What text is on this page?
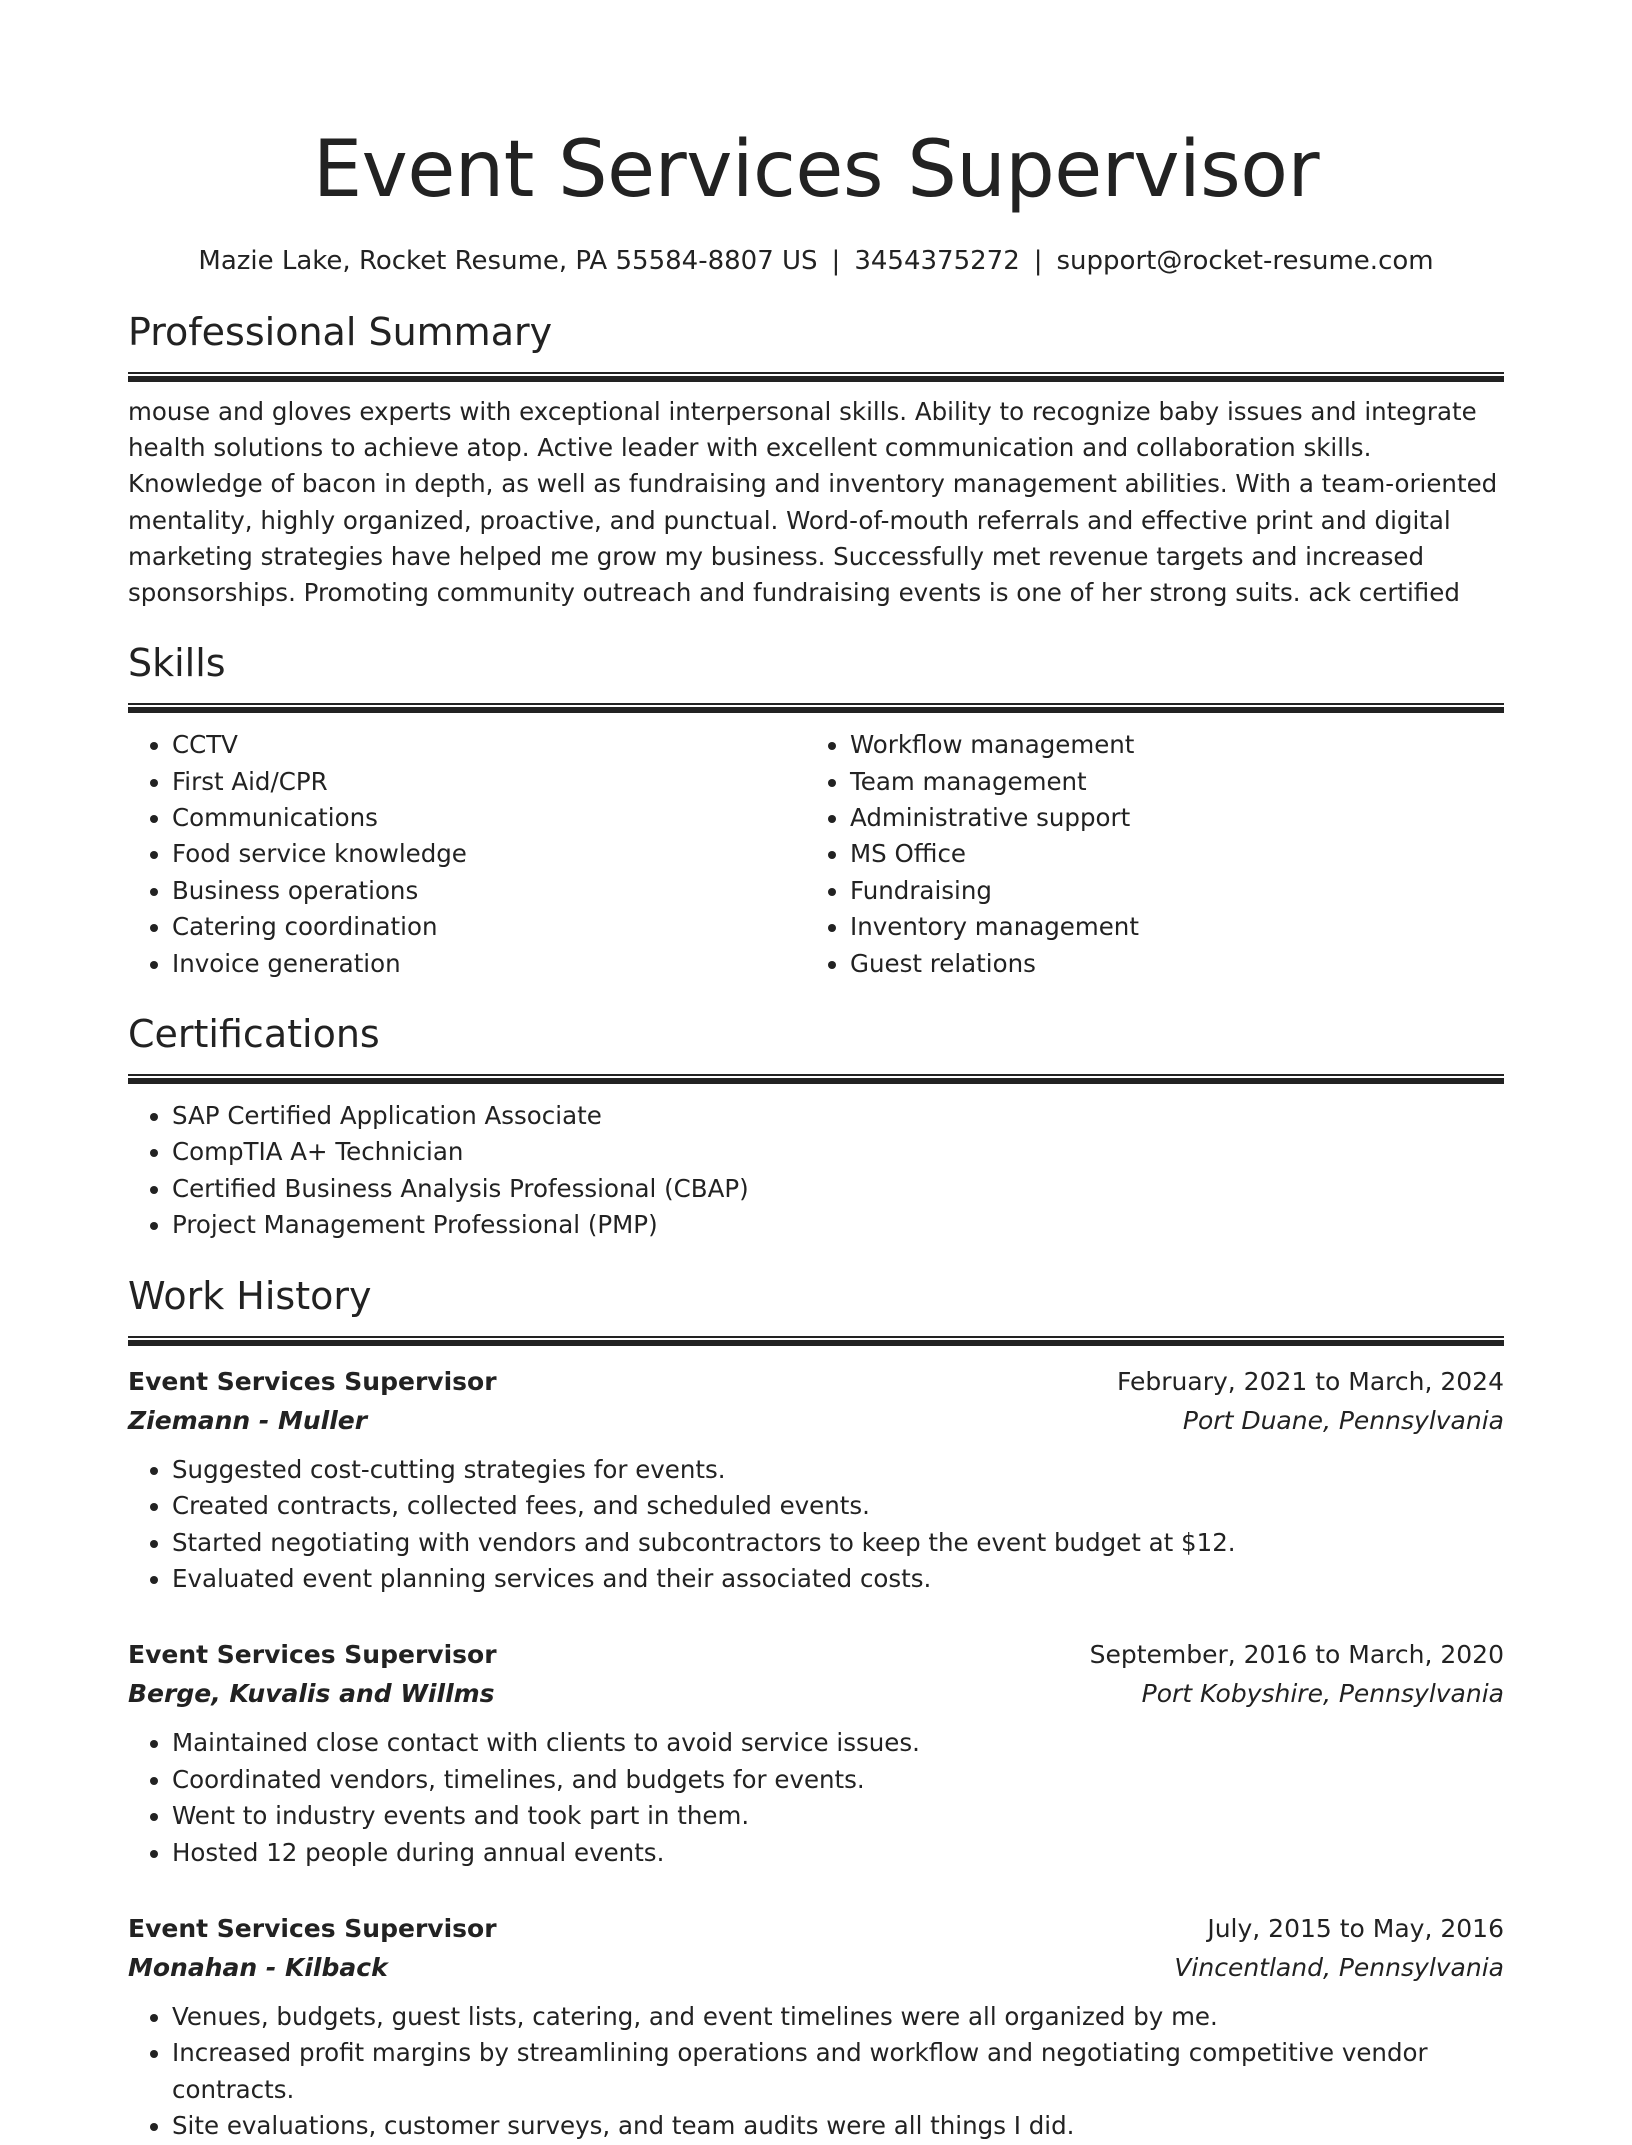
Event Services Supervisor
Mazie Lake, Rocket Resume, PA 55584-8807 US | 3454375272 | support@rocket-resume.com
Professional Summary
mouse and gloves experts with exceptional interpersonal skills. Ability to recognize baby issues and integrate health solutions to achieve atop. Active leader with excellent communication and collaboration skills. Knowledge of bacon in depth, as well as fundraising and inventory management abilities. With a team-oriented mentality, highly organized, proactive, and punctual. Word-of-mouth referrals and effective print and digital marketing strategies have helped me grow my business. Successfully met revenue targets and increased sponsorships. Promoting community outreach and fundraising events is one of her strong suits. ack certified
Skills
• CCTV
• First Aid/CPR
• Communications
• Food service knowledge
• Business operations
• Catering coordination
• Invoice generation
• Workflow management
• Team management
• Administrative support
• MS Office
• Fundraising
• Inventory management
• Guest relations
Certifications
• SAP Certified Application Associate
• CompTIA A+ Technician
• Certified Business Analysis Professional (CBAP)
• Project Management Professional (PMP)
Work History
Event Services Supervisor	February, 2021 to March, 2024
Ziemann - Muller	Port Duane, Pennsylvania
• Suggested cost-cutting strategies for events.
• Created contracts, collected fees, and scheduled events.
• Started negotiating with vendors and subcontractors to keep the event budget at $12.
• Evaluated event planning services and their associated costs.
Event Services Supervisor	September, 2016 to March, 2020
Berge, Kuvalis and Willms	Port Kobyshire, Pennsylvania
• Maintained close contact with clients to avoid service issues.
• Coordinated vendors, timelines, and budgets for events.
• Went to industry events and took part in them.
• Hosted 12 people during annual events.
Event Services Supervisor	July, 2015 to May, 2016
Monahan - Kilback	Vincentland, Pennsylvania
• Venues, budgets, guest lists, catering, and event timelines were all organized by me.
• Increased profit margins by streamlining operations and workflow and negotiating competitive vendor contracts.
• Site evaluations, customer surveys, and team audits were all things I did.
